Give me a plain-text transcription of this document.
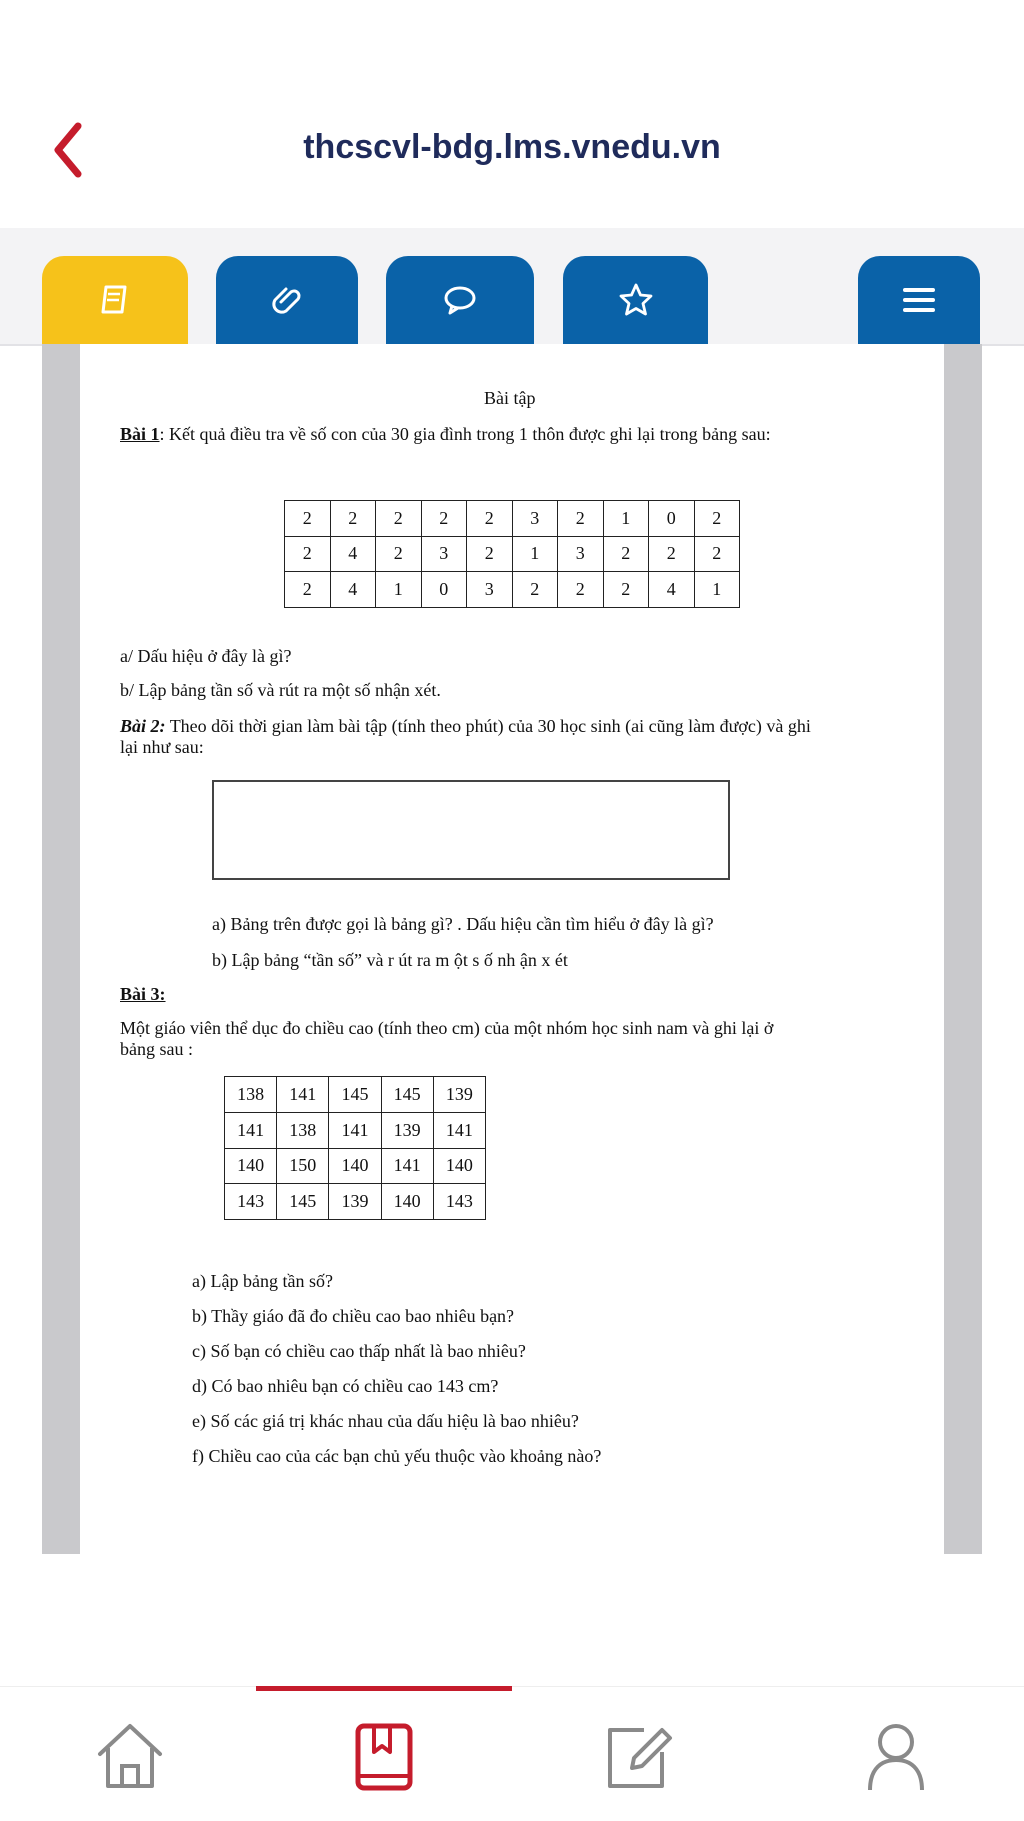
thcscvl-bdg.lms.vnedu.vn
Bài tập
Bài 1: Kết quả điều tra về số con của 30 gia đình trong 1 thôn được ghi lại trong bảng sau:
2	2	2	2	2	3	2	1	0	2
2	4	2	3	2	1	3	2	2	2
2	4	1	0	3	2	2	2	4	1
a/ Dấu hiệu ở đây là gì?
b/ Lập bảng tần số và rút ra một số nhận xét.
Bài 2: Theo dõi thời gian làm bài tập (tính theo phút) của 30 học sinh (ai cũng làm được) và ghi
lại như sau:
a) Bảng trên được gọi là bảng gì? . Dấu hiệu cần tìm hiểu ở đây là gì?
b) Lập bảng “tần số” và r út ra m ột s ố nh ận x ét
Bài 3:
Một giáo viên thể dục đo chiều cao (tính theo cm) của một nhóm học sinh nam và ghi lại ở
bảng sau :
138	141	145	145	139
141	138	141	139	141
140	150	140	141	140
143	145	139	140	143
a) Lập bảng tần số?
b) Thầy giáo đã đo chiều cao bao nhiêu bạn?
c) Số bạn có chiều cao thấp nhất là bao nhiêu?
d) Có bao nhiêu bạn có chiều cao 143 cm?
e) Số các giá trị khác nhau của dấu hiệu là bao nhiêu?
f) Chiều cao của các bạn chủ yếu thuộc vào khoảng nào?
